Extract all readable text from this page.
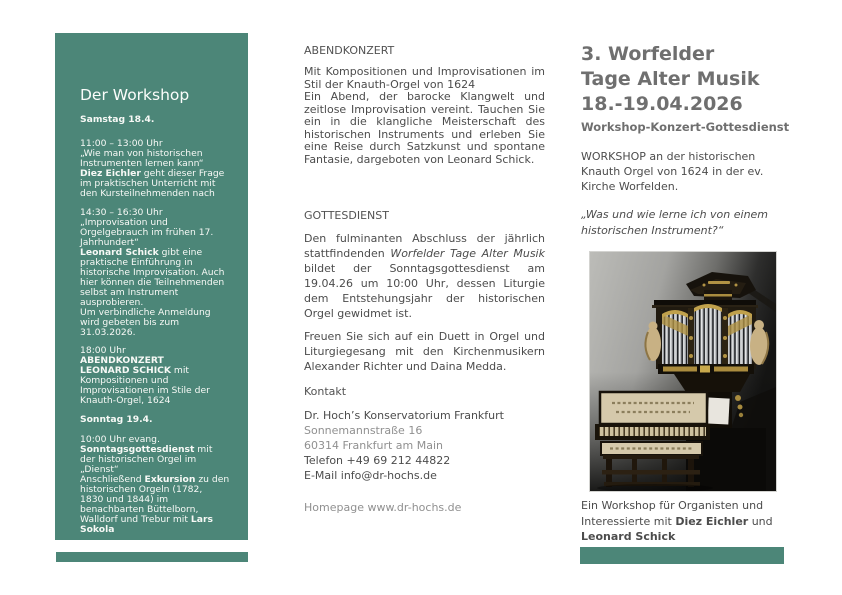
Der Workshop
Samstag 18.4.
11:00 – 13:00 Uhr
„Wie man von historischen
Instrumenten lernen kann“
Diez Eichler geht dieser Frage
im praktischen Unterricht mit
den Kursteilnehmenden nach
14:30 – 16:30 Uhr
„Improvisation und
Orgelgebrauch im frühen 17.
Jahrhundert“
Leonard Schick gibt eine
praktische Einführung in
historische Improvisation. Auch
hier können die Teilnehmenden
selbst am Instrument
ausprobieren.
Um verbindliche Anmeldung
wird gebeten bis zum
31.03.2026.
18:00 Uhr
ABENDKONZERT
LEONARD SCHICK mit
Kompositionen und
Improvisationen im Stile der
Knauth-Orgel, 1624
Sonntag 19.4.
10:00 Uhr evang.
Sonntagsgottesdienst mit
der historischen Orgel im
„Dienst“
Anschließend Exkursion zu den
historischen Orgeln (1782,
1830 und 1844) im
benachbarten Büttelborn,
Walldorf und Trebur mit Lars
Sokola
ABENDKONZERT
Mit Kompositionen und Improvisationen im Stil der Knauth-Orgel von 1624
Ein Abend, der barocke Klangwelt und zeitlose Improvisation vereint. Tauchen Sie ein in die klangliche Meisterschaft des historischen Instruments und erleben Sie eine Reise durch Satzkunst und spontane Fantasie, dargeboten von Leonard Schick.
GOTTESDIENST
Den fulminanten Abschluss der jährlich stattfindenden Worfelder Tage Alter Musik bildet der Sonntagsgottesdienst am 19.04.26 um 10:00 Uhr, dessen Liturgie dem Entstehungsjahr der historischen Orgel gewidmet ist.
Freuen Sie sich auf ein Duett in Orgel und Liturgiegesang mit den Kirchenmusikern Alexander Richter und Daina Medda.
Kontakt
Dr. Hoch’s Konservatorium Frankfurt
Sonnemannstraße 16
60314 Frankfurt am Main
Telefon +49 69 212 44822
E-Mail info@dr-hochs.de
Homepage www.dr-hochs.de
3. Worfelder
Tage Alter Musik
18.-19.04.2026
Workshop-Konzert-Gottesdienst
WORKSHOP an der historischen
Knauth Orgel von 1624 in der ev.
Kirche Worfelden.
„Was und wie lerne ich von einem
historischen Instrument?“
Ein Workshop für Organisten und
Interessierte mit Diez Eichler und
Leonard Schick
